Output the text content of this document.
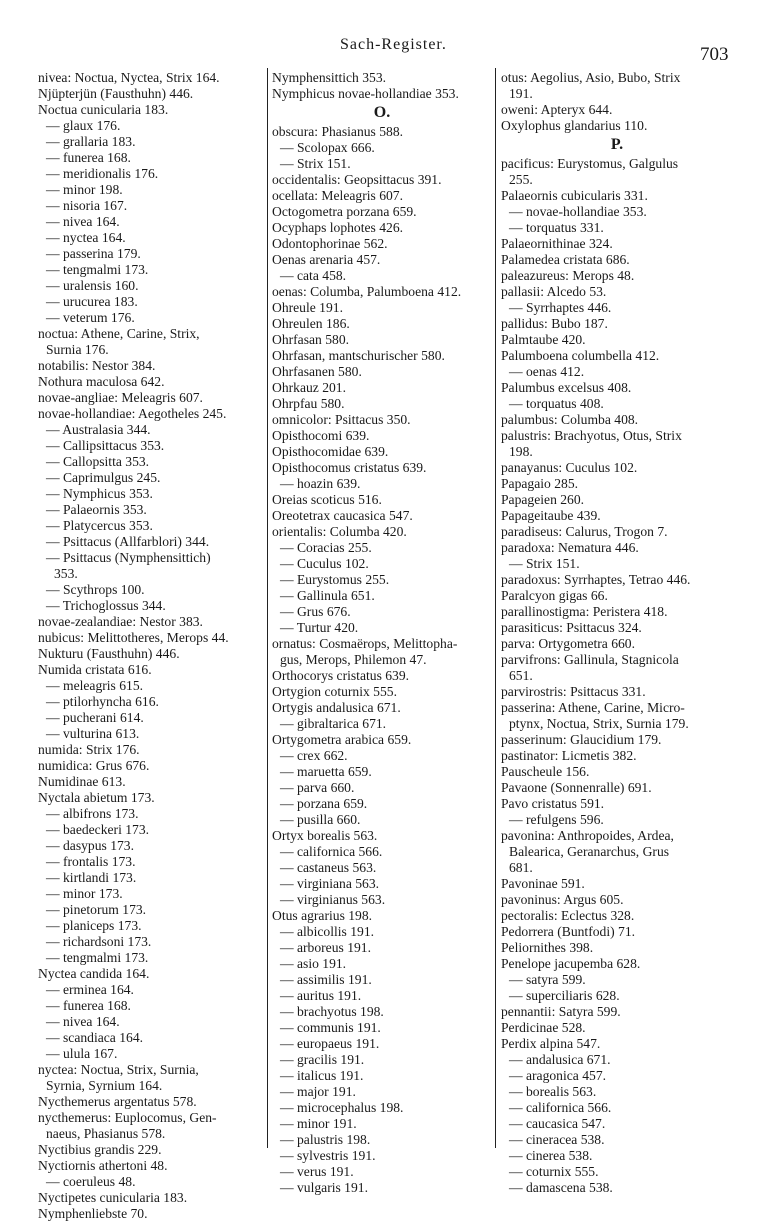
Sach-Register.	703
nivea: Noctua, Nyctea, Strix 164.
Njüpterjün (Fausthuhn) 446.
Noctua cunicularia 183.
— glaux 176.
— grallaria 183.
— funerea 168.
— meridionalis 176.
— minor 198.
— nisoria 167.
— nivea 164.
— nyctea 164.
— passerina 179.
— tengmalmi 173.
— uralensis 160.
— urucurea 183.
— veterum 176.
noctua: Athene, Carine, Strix,
Surnia 176.
notabilis: Nestor 384.
Nothura maculosa 642.
novae-angliae: Meleagris 607.
novae-hollandiae: Aegotheles 245.
— Australasia 344.
— Callipsittacus 353.
— Callopsitta 353.
— Caprimulgus 245.
— Nymphicus 353.
— Palaeornis 353.
— Platycercus 353.
— Psittacus (Allfarblori) 344.
— Psittacus (Nymphensittich)
353.
— Scythrops 100.
— Trichoglossus 344.
novae-zealandiae: Nestor 383.
nubicus: Melittotheres, Merops 44.
Nukturu (Fausthuhn) 446.
Numida cristata 616.
— meleagris 615.
— ptilorhyncha 616.
— pucherani 614.
— vulturina 613.
numida: Strix 176.
numidica: Grus 676.
Numidinae 613.
Nyctala abietum 173.
— albifrons 173.
— baedeckeri 173.
— dasypus 173.
— frontalis 173.
— kirtlandi 173.
— minor 173.
— pinetorum 173.
— planiceps 173.
— richardsoni 173.
— tengmalmi 173.
Nyctea candida 164.
— erminea 164.
— funerea 168.
— nivea 164.
— scandiaca 164.
— ulula 167.
nyctea: Noctua, Strix, Surnia,
Syrnia, Syrnium 164.
Nycthemerus argentatus 578.
nycthemerus: Euplocomus, Gen-
naeus, Phasianus 578.
Nyctibius grandis 229.
Nyctiornis athertoni 48.
— coeruleus 48.
Nyctipetes cunicularia 183.
Nymphenliebste 70.
Nymphensittich 353.
Nymphicus novae-hollandiae 353.
O.
obscura: Phasianus 588.
— Scolopax 666.
— Strix 151.
occidentalis: Geopsittacus 391.
ocellata: Meleagris 607.
Octogometra porzana 659.
Ocyphaps lophotes 426.
Odontophorinae 562.
Oenas arenaria 457.
— cata 458.
oenas: Columba, Palumboena 412.
Ohreule 191.
Ohreulen 186.
Ohrfasan 580.
Ohrfasan, mantschurischer 580.
Ohrfasanen 580.
Ohrkauz 201.
Ohrpfau 580.
omnicolor: Psittacus 350.
Opisthocomi 639.
Opisthocomidae 639.
Opisthocomus cristatus 639.
— hoazin 639.
Oreias scoticus 516.
Oreotetrax caucasica 547.
orientalis: Columba 420.
— Coracias 255.
— Cuculus 102.
— Eurystomus 255.
— Gallinula 651.
— Grus 676.
— Turtur 420.
ornatus: Cosmaërops, Melittopha-
gus, Merops, Philemon 47.
Orthocorys cristatus 639.
Ortygion coturnix 555.
Ortygis andalusica 671.
— gibraltarica 671.
Ortygometra arabica 659.
— crex 662.
— maruetta 659.
— parva 660.
— porzana 659.
— pusilla 660.
Ortyx borealis 563.
— californica 566.
— castaneus 563.
— virginiana 563.
— virginianus 563.
Otus agrarius 198.
— albicollis 191.
— arboreus 191.
— asio 191.
— assimilis 191.
— auritus 191.
— brachyotus 198.
— communis 191.
— europaeus 191.
— gracilis 191.
— italicus 191.
— major 191.
— microcephalus 198.
— minor 191.
— palustris 198.
— sylvestris 191.
— verus 191.
— vulgaris 191.
otus: Aegolius, Asio, Bubo, Strix
191.
oweni: Apteryx 644.
Oxylophus glandarius 110.
P.
pacificus: Eurystomus, Galgulus
255.
Palaeornis cubicularis 331.
— novae-hollandiae 353.
— torquatus 331.
Palaeornithinae 324.
Palamedea cristata 686.
paleazureus: Merops 48.
pallasii: Alcedo 53.
— Syrrhaptes 446.
pallidus: Bubo 187.
Palmtaube 420.
Palumboena columbella 412.
— oenas 412.
Palumbus excelsus 408.
— torquatus 408.
palumbus: Columba 408.
palustris: Brachyotus, Otus, Strix
198.
panayanus: Cuculus 102.
Papagaio 285.
Papageien 260.
Papageitaube 439.
paradiseus: Calurus, Trogon 7.
paradoxa: Nematura 446.
— Strix 151.
paradoxus: Syrrhaptes, Tetrao 446.
Paralcyon gigas 66.
parallinostigma: Peristera 418.
parasiticus: Psittacus 324.
parva: Ortygometra 660.
parvifrons: Gallinula, Stagnicola
651.
parvirostris: Psittacus 331.
passerina: Athene, Carine, Micro-
ptynx, Noctua, Strix, Surnia 179.
passerinum: Glaucidium 179.
pastinator: Licmetis 382.
Pauschеule 156.
Pavaone (Sonnenralle) 691.
Pavo cristatus 591.
— refulgens 596.
pavonina: Anthropoides, Ardea,
Balearica, Geranarchus, Grus
681.
Pavoninae 591.
pavoninus: Argus 605.
pectoralis: Eclectus 328.
Pedorrera (Buntfodi) 71.
Peliornithes 398.
Penelope jacupemba 628.
— satyra 599.
— superciliaris 628.
pennantii: Satyra 599.
Perdicinae 528.
Perdix alpina 547.
— andalusica 671.
— aragonica 457.
— borealis 563.
— californica 566.
— caucasica 547.
— cineracea 538.
— cinerea 538.
— coturnix 555.
— damascena 538.
